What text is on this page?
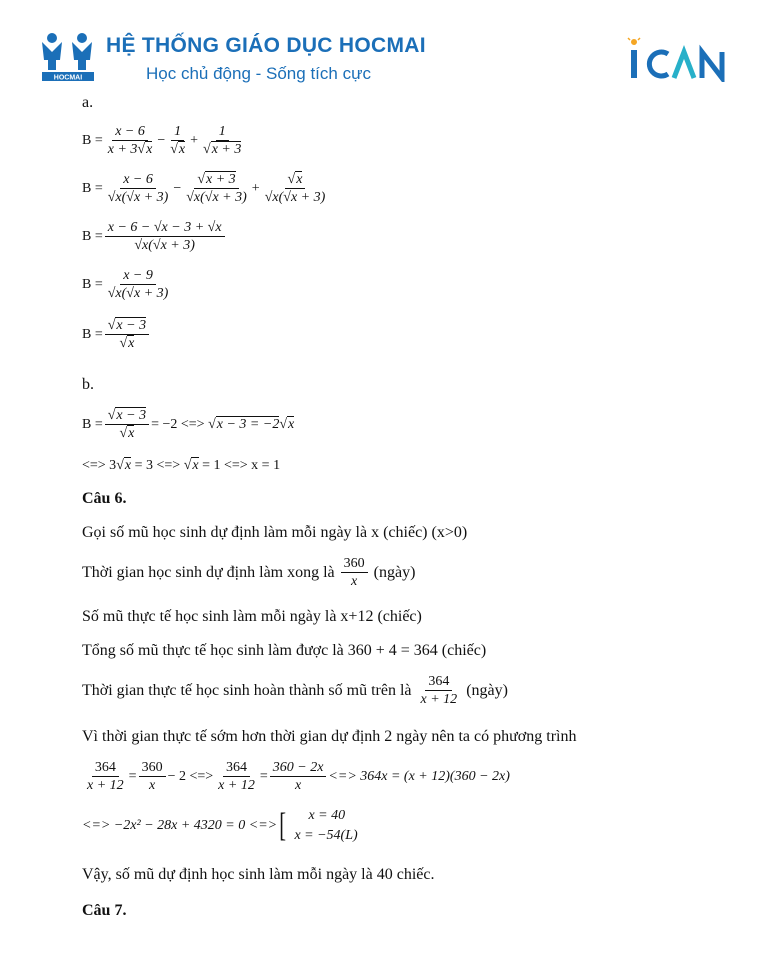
HOCMAI
HỆ THỐNG GIÁO DỤC HOCMAI
Học chủ động - Sống tích cực
a.
$B = \frac{x - 6}{x + 3 √ x} - 1$
√ x + 1
√ x + 3
B = x − 6
√ x(√x + 3) − √ x + 3
√ x(√x + 3) + √ x
√ x(√x + 3)
B = x − 6 − √x − 3 + √x
√ x(√x + 3)
B = x − 9
√ x(√x + 3)
B = √ x − 3
√ x
b.
B = √ x − 3
√ x = −2 <=>
√ x − 3 = −2 √ x
<=> 3 √ x = 3 <=> √ x = 1 <=> x = 1
Câu 6.
Gọi số mũ học sinh dự định làm mỗi ngày là x (chiếc) (x>0)
Thời gian học sinh dự định làm xong là $\frac{360}{x}$ (ngày)
Số mũ thực tế học sinh làm mỗi ngày là x+12 (chiếc)
Tổng số mũ thực tế học sinh làm được là 360 + 4 = 364 (chiếc)
Thời gian thực tế học sinh hoàn thành số mũ trên là $\frac{364}{x + 12}$ (ngày)
Vì thời gian thực tế sớm hơn thời gian dự định 2 ngày nên ta có phương trình
$\frac{364}{x + 12} = \frac{360}{x} - 2$ <=> $\frac{364}{x + 12} = \frac{360 - 2x}{x}$ <=> 364x = (x + 12)(360 − 2x)
<=> −2x² − 28x + 4320 = 0 <=> [	x = 40
x = −54(L)
Vậy, số mũ dự định học sinh làm mỗi ngày là 40 chiếc.
Câu 7.
